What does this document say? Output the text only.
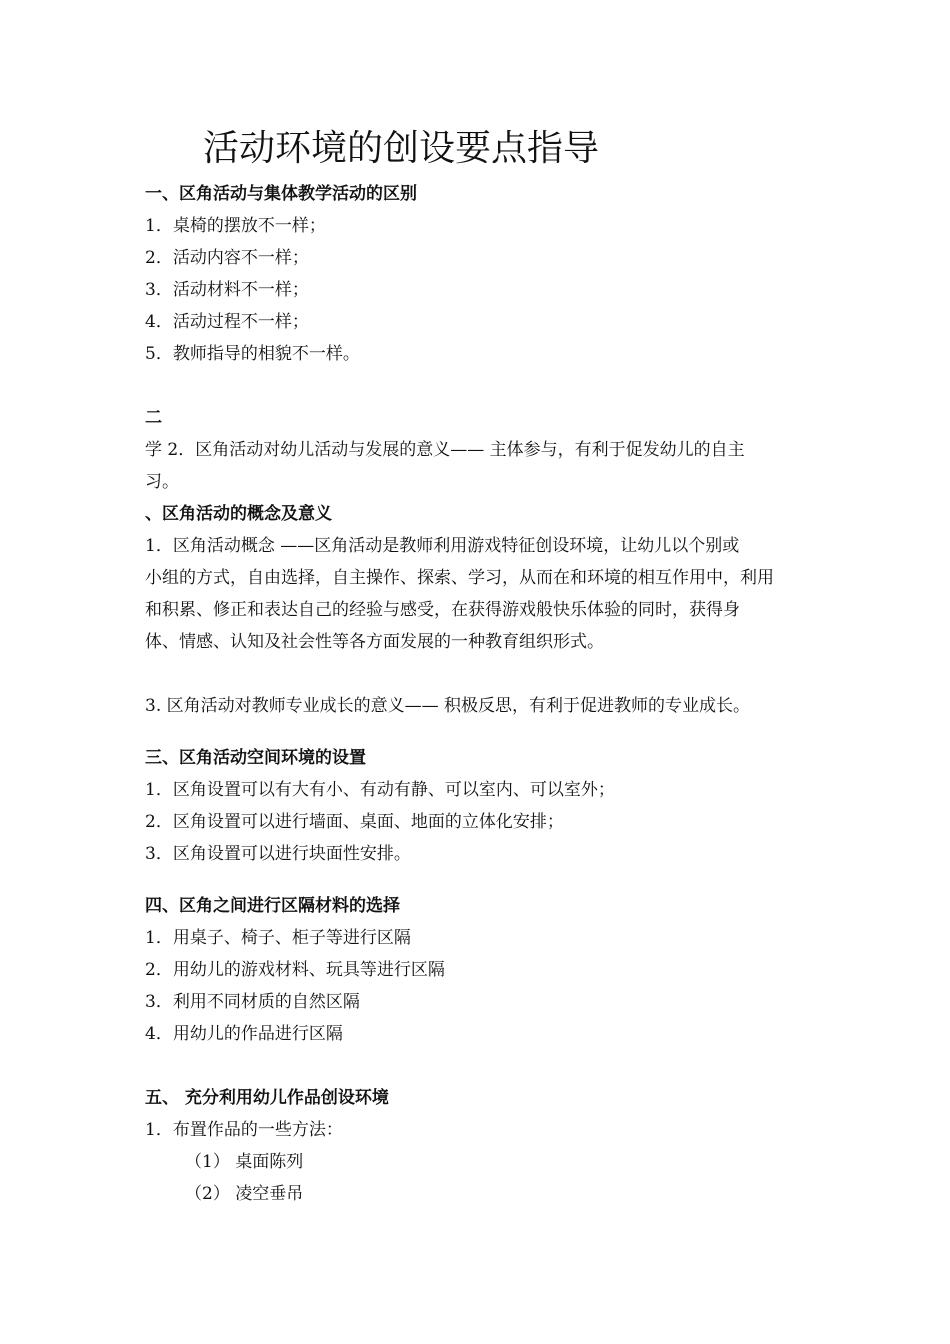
活动环境的创设要点指导
一、区角活动与集体教学活动的区别
1．桌椅的摆放不一样；
2．活动内容不一样；
3．活动材料不一样；
4．活动过程不一样；
5．教师指导的相貌不一样。
二
学 2．区角活动对幼儿活动与发展的意义—— 主体参与，有利于促发幼儿的自主
习。
、区角活动的概念及意义
1．区角活动概念 ——区角活动是教师利用游戏特征创设环境，让幼儿以个别或
小组的方式，自由选择，自主操作、探索、学习，从而在和环境的相互作用中，利用
和积累、修正和表达自己的经验与感受，在获得游戏般快乐体验的同时，获得身
体、情感、认知及社会性等各方面发展的一种教育组织形式。
3. 区角活动对教师专业成长的意义—— 积极反思，有利于促进教师的专业成长。
三、区角活动空间环境的设置
1．区角设置可以有大有小、有动有静、可以室内、可以室外；
2．区角设置可以进行墙面、桌面、地面的立体化安排；
3．区角设置可以进行块面性安排。
四、区角之间进行区隔材料的选择
1．用桌子、椅子、柜子等进行区隔
2．用幼儿的游戏材料、玩具等进行区隔
3．利用不同材质的自然区隔
4．用幼儿的作品进行区隔
五、 充分利用幼儿作品创设环境
1．布置作品的一些方法：
（1） 桌面陈列
（2） 凌空垂吊
